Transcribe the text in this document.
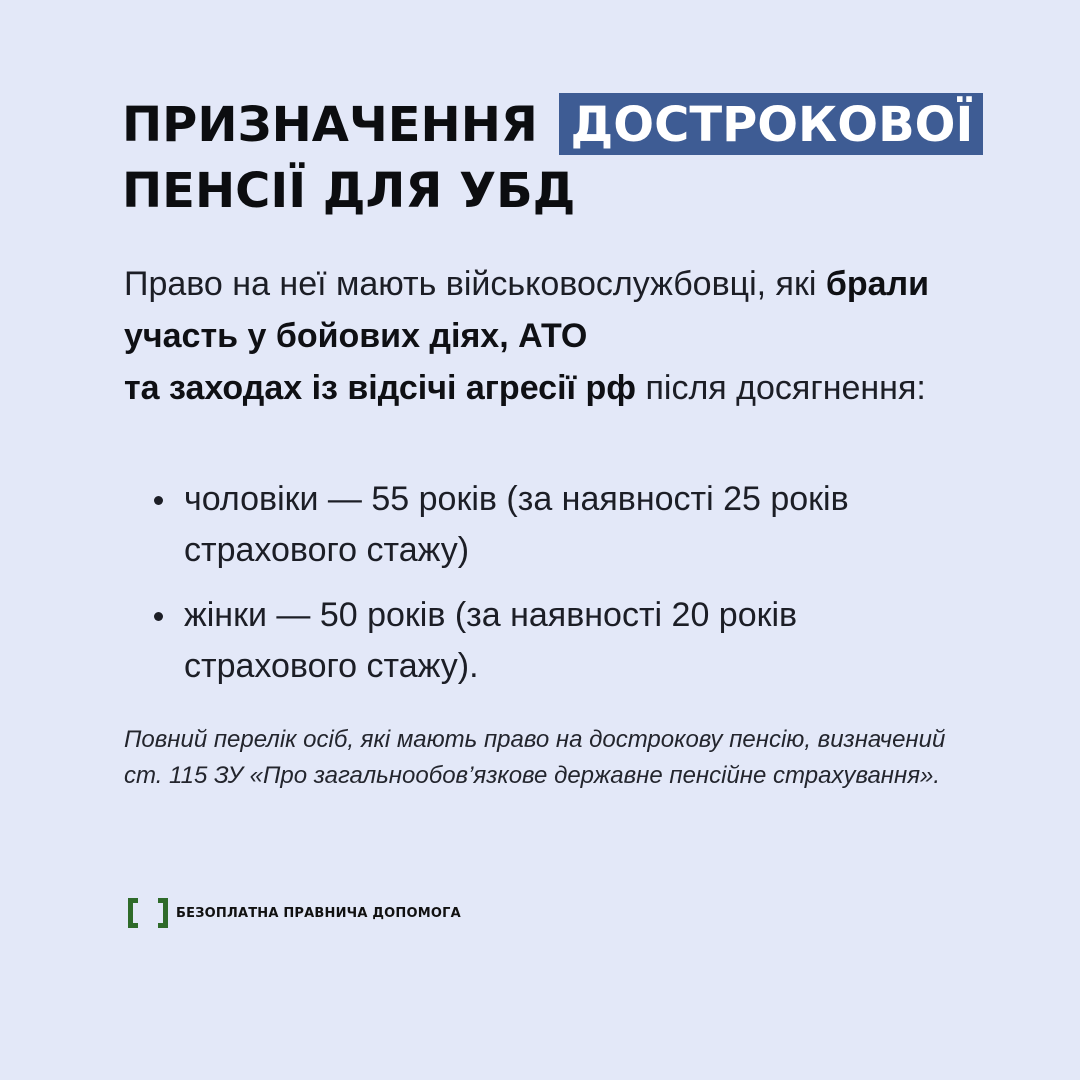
ПРИЗНАЧЕННЯ ДОСТРОКОВОЇ
ПЕНСІЇ ДЛЯ УБД
Право на неї мають військовослужбовці, які брали участь у бойових діях, АТО
та заходах із відсічі агресії рф після досягнення:
чоловіки — 55 років (за наявності 25 років страхового стажу)
жінки — 50 років (за наявності 20 років страхового стажу).
Повний перелік осіб, які мають право на дострокову пенсію, визначений ст. 115 ЗУ «Про загальнообов’язкове державне пенсійне страхування».
БЕЗОПЛАТНА ПРАВНИЧА ДОПОМОГА
